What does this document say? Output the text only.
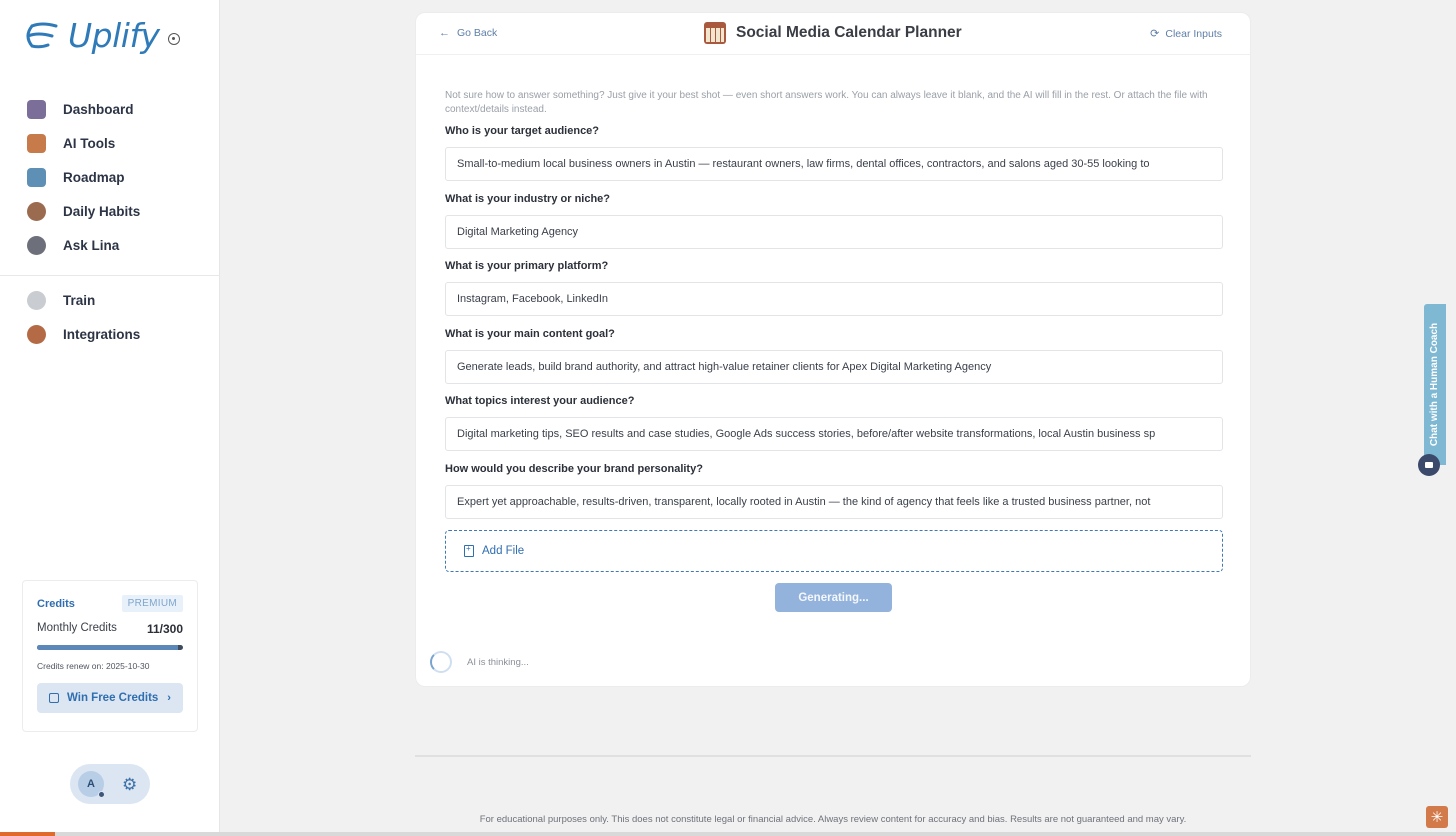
Uplify
Dashboard
AI Tools
Roadmap
Daily Habits
Ask Lina
Train
Integrations
Credits	PREMIUM
Monthly Credits	11/300
Credits renew on: 2025-10-30
Win Free Credits ›
A ⚙
← Go Back	Social Media Calendar Planner	⟳ Clear Inputs

Not sure how to answer something? Just give it your best shot — even short answers work. You can always leave it blank, and the AI will fill in the rest. Or attach the file with context/details instead.

Who is your target audience?
Small-to-medium local business owners in Austin — restaurant owners, law firms, dental offices, contractors, and salons aged 30-55 looking to
What is your industry or niche?
Digital Marketing Agency
What is your primary platform?
Instagram, Facebook, LinkedIn
What is your main content goal?
Generate leads, build brand authority, and attract high-value retainer clients for Apex Digital Marketing Agency
What topics interest your audience?
Digital marketing tips, SEO results and case studies, Google Ads success stories, before/after website transformations, local Austin business sp
How would you describe your brand personality?
Expert yet approachable, results-driven, transparent, locally rooted in Austin — the kind of agency that feels like a trusted business partner, not
+
Add File
Generating...
AI is thinking...
For educational purposes only. This does not constitute legal or financial advice. Always review content for accuracy and bias. Results are not guaranteed and may vary.
Chat with a Human Coach
✳
